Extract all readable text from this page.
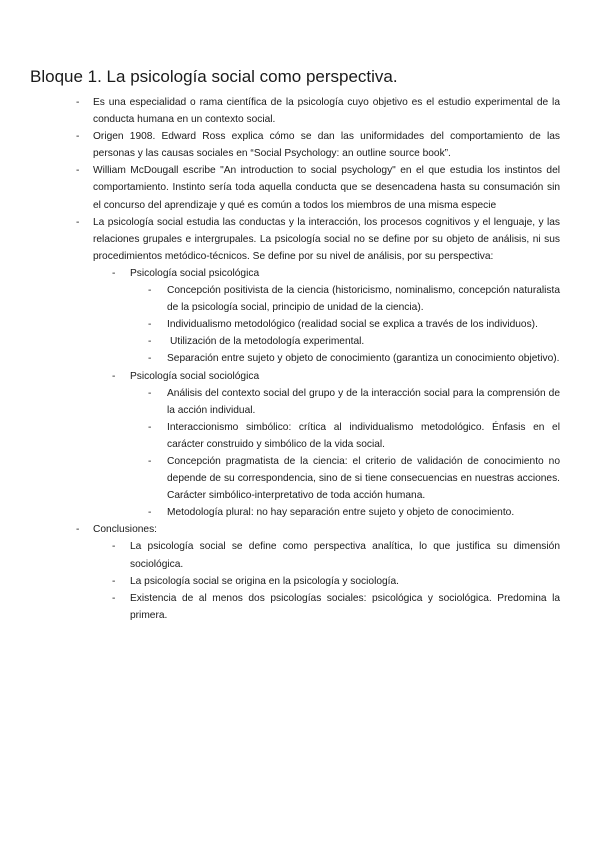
Bloque 1. La psicología social como perspectiva.
- Es una especialidad o rama científica de la psicología cuyo objetivo es el estudio experimental de la conducta humana en un contexto social.
- Origen 1908. Edward Ross explica cómo se dan las uniformidades del comportamiento de las personas y las causas sociales en “Social Psychology: an outline source book”.
- William McDougall escribe "An introduction to social psychology" en el que estudia los instintos del comportamiento. Instinto sería toda aquella conducta que se desencadena hasta su consumación sin el concurso del aprendizaje y qué es común a todos los miembros de una misma especie
- La psicología social estudia las conductas y la interacción, los procesos cognitivos y el lenguaje, y las relaciones grupales e intergrupales. La psicología social no se define por su objeto de análisis, ni sus procedimientos metódico-técnicos. Se define por su nivel de análisis, por su perspectiva:
- Psicología social psicológica
- Concepción positivista de la ciencia (historicismo, nominalismo, concepción naturalista de la psicología social, principio de unidad de la ciencia).
- Individualismo metodológico (realidad social se explica a través de los individuos).
- Utilización de la metodología experimental.
- Separación entre sujeto y objeto de conocimiento (garantiza un conocimiento objetivo).
- Psicología social sociológica
- Análisis del contexto social del grupo y de la interacción social para la comprensión de la acción individual.
- Interaccionismo simbólico: crítica al individualismo metodológico. Énfasis en el carácter construido y simbólico de la vida social.
- Concepción pragmatista de la ciencia: el criterio de validación de conocimiento no depende de su correspondencia, sino de si tiene consecuencias en nuestras acciones. Carácter simbólico-interpretativo de toda acción humana.
- Metodología plural: no hay separación entre sujeto y objeto de conocimiento.
- Conclusiones:
- La psicología social se define como perspectiva analítica, lo que justifica su dimensión sociológica.
- La psicología social se origina en la psicología y sociología.
- Existencia de al menos dos psicologías sociales: psicológica y sociológica. Predomina la primera.
